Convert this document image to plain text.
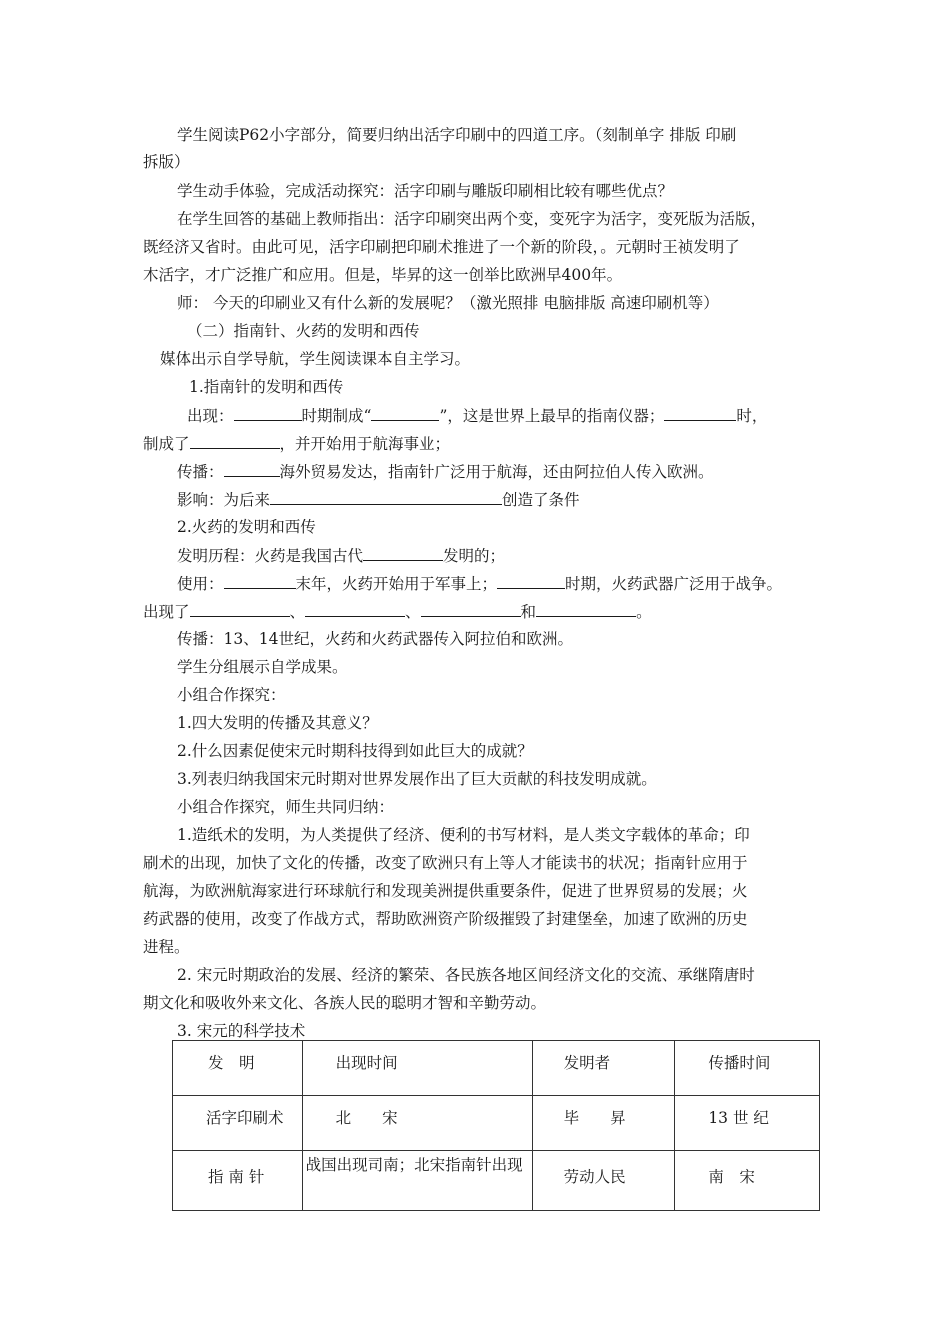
学生阅读P62小字部分，简要归纳出活字印刷中的四道工序。（刻制单字 排版 印刷
拆版）
学生动手体验，完成活动探究：活字印刷与雕版印刷相比较有哪些优点？
在学生回答的基础上教师指出：活字印刷突出两个变，变死字为活字，变死版为活版，
既经济又省时。由此可见，活字印刷把印刷术推进了一个新的阶段，。元朝时王祯发明了
木活字，才广泛推广和应用。但是，毕昇的这一创举比欧洲早400年。
师： 今天的印刷业又有什么新的发展呢？（激光照排 电脑排版 高速印刷机等）
（二）指南针、火药的发明和西传
媒体出示自学导航，学生阅读课本自主学习。
1.指南针的发明和西传
出现：	时期制成“	”，这是世界上最早的指南仪器；	时，
制成了	，并开始用于航海事业；
传播：	海外贸易发达，指南针广泛用于航海，还由阿拉伯人传入欧洲。
影响：为后来	创造了条件
2.火药的发明和西传
发明历程：火药是我国古代	发明的；
使用：	末年，火药开始用于军事上；	时期，火药武器广泛用于战争。
出现了	、	、	和	。
传播：13、14世纪，火药和火药武器传入阿拉伯和欧洲。
学生分组展示自学成果。
小组合作探究：
1.四大发明的传播及其意义？
2.什么因素促使宋元时期科技得到如此巨大的成就？
3.列表归纳我国宋元时期对世界发展作出了巨大贡献的科技发明成就。
小组合作探究，师生共同归纳：
1.造纸术的发明，为人类提供了经济、便利的书写材料，是人类文字载体的革命；印
刷术的出现，加快了文化的传播，改变了欧洲只有上等人才能读书的状况；指南针应用于
航海，为欧洲航海家进行环球航行和发现美洲提供重要条件，促进了世界贸易的发展；火
药武器的使用，改变了作战方式，帮助欧洲资产阶级摧毁了封建堡垒，加速了欧洲的历史
进程。
2. 宋元时期政治的发展、经济的繁荣、各民族各地区间经济文化的交流、承继隋唐时
期文化和吸收外来文化、各族人民的聪明才智和辛勤劳动。
3. 宋元的科学技术
发　明	出现时间	发明者	传播时间

活字印刷术	北　　宋	毕　　昇	13 世 纪

指 南 针	战国出现司南；北宋指南针出现	劳动人民	南　宋
